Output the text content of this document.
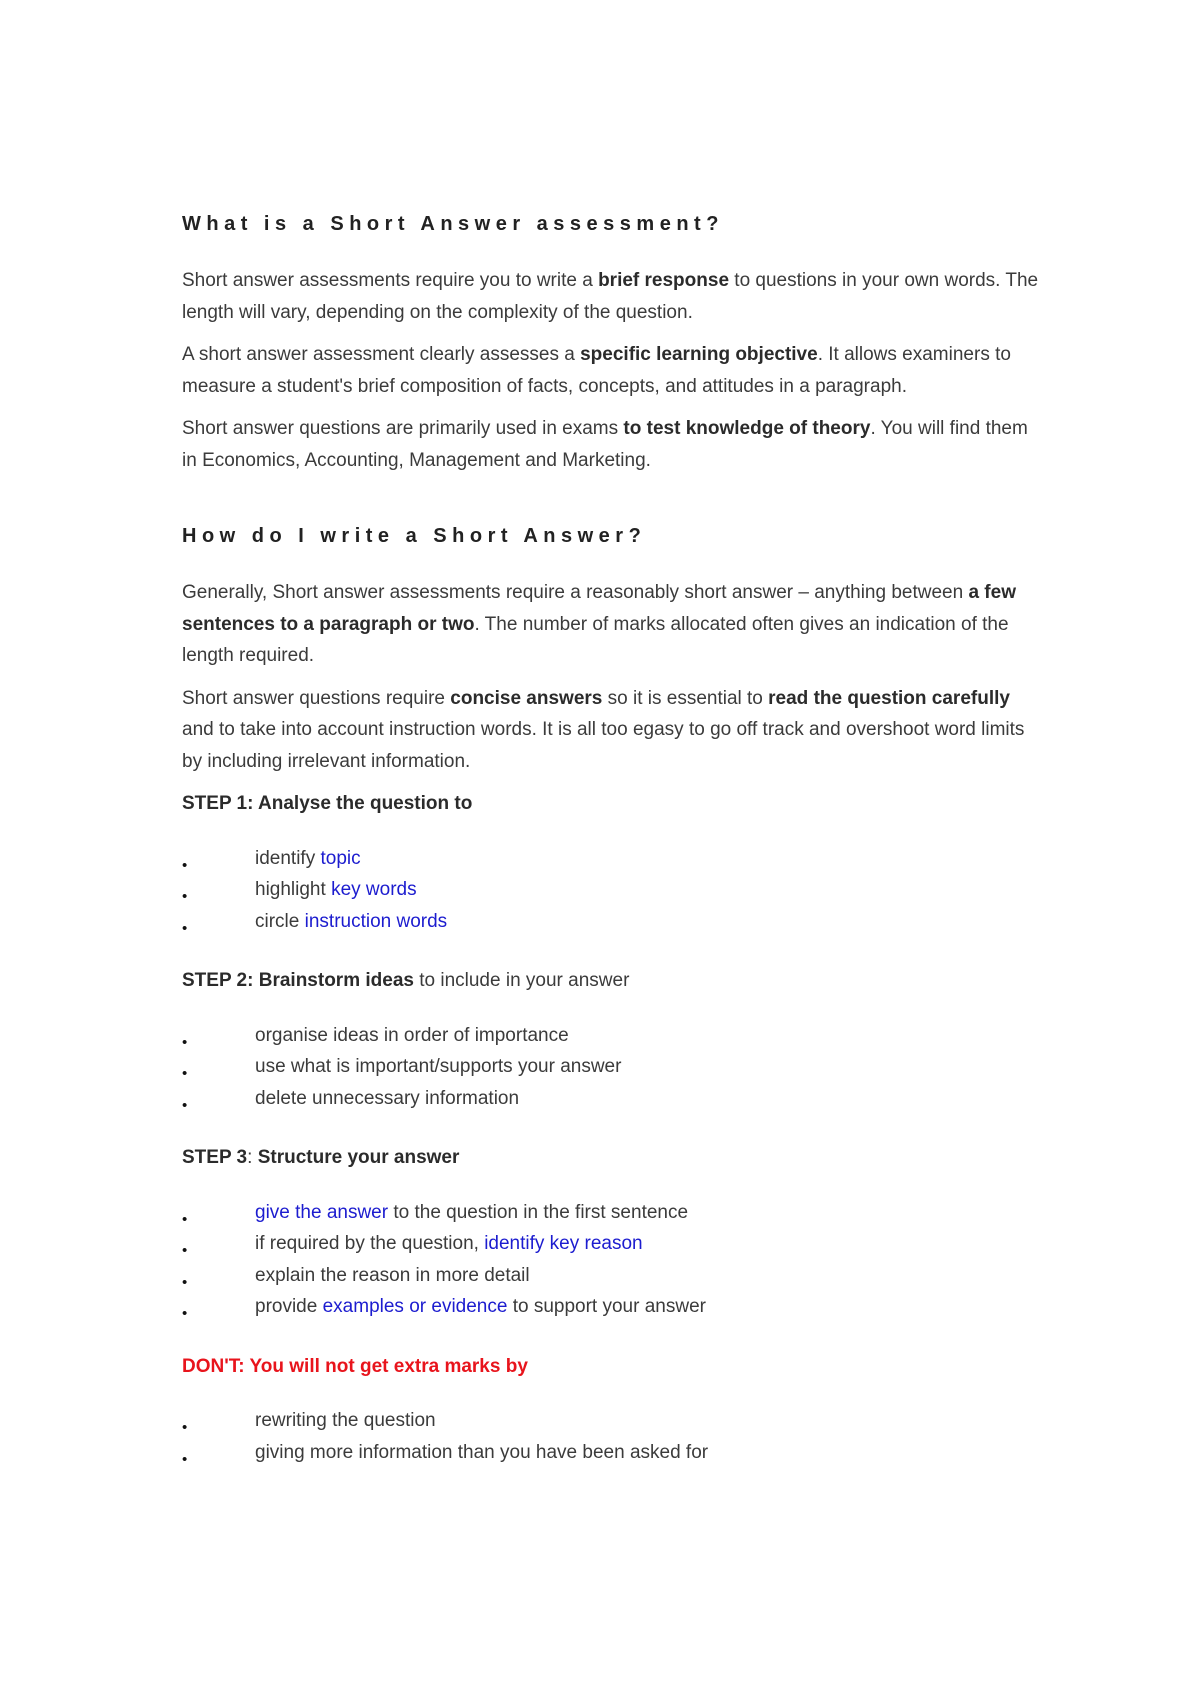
What is a Short Answer assessment?

Short answer assessments require you to write a brief response to questions in your own words. The length will vary, depending on the complexity of the question.

A short answer assessment clearly assesses a specific learning objective. It allows examiners to measure a student's brief composition of facts, concepts, and attitudes in a paragraph.

Short answer questions are primarily used in exams to test knowledge of theory. You will find them in Economics, Accounting, Management and Marketing.

How do I write a Short Answer?

Generally, Short answer assessments require a reasonably short answer – anything between a few sentences to a paragraph or two. The number of marks allocated often gives an indication of the length required.

Short answer questions require concise answers so it is essential to read the question carefully and to take into account instruction words. It is all too egasy to go off track and overshoot word limits by including irrelevant information.

STEP 1: Analyse the question to

•	identify topic
•	highlight key words
•	circle instruction words

STEP 2: Brainstorm ideas to include in your answer

•	organise ideas in order of importance
•	use what is important/supports your answer
•	delete unnecessary information

STEP 3: Structure your answer

•	give the answer to the question in the first sentence
•	if required by the question, identify key reason
•	explain the reason in more detail
•	provide examples or evidence to support your answer

DON'T: You will not get extra marks by

•	rewriting the question
•	giving more information than you have been asked for
